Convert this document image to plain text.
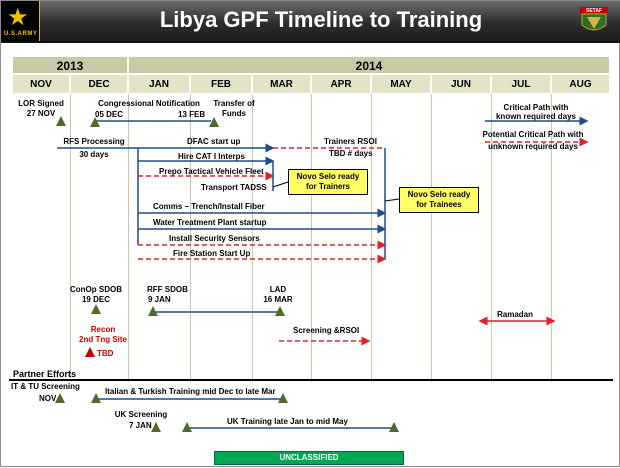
★
U.S.ARMY
Libya GPF Timeline to Training	SETAF
2013	2014
NOV	DEC	JAN	FEB	MAR	APR	MAY	JUN	JUL	AUG
Critical Path with
known required days
Potential Critical Path with
unknown required days
LOR Signed
27 NOV
Congressional Notification
05 DEC	13 FEB
Transfer of
Funds
RFS Processing
30 days
DFAC start up	Trainers RSOI
TBD # days
Hire CAT I Interps
Prepo Tactical Vehicle Fleet
Transport TADSS
Comms – Trench/Install Fiber
Water Treatment Plant startup
Install Security Sensors
Fire Station Start Up
Novo Selo ready
for Trainers
Novo Selo ready
for Trainees
ConOp SDOB
19 DEC
RFF SDOB
9 JAN
LAD
16 MAR
Screening &RSOI
Ramadan
Recon
2nd Tng Site
TBD
Partner Efforts
IT & TU Screening
NOV
Italian & Turkish Training mid Dec to late Mar
UK Screening
7 JAN	UK Training late Jan to mid May
UNCLASSIFIED
